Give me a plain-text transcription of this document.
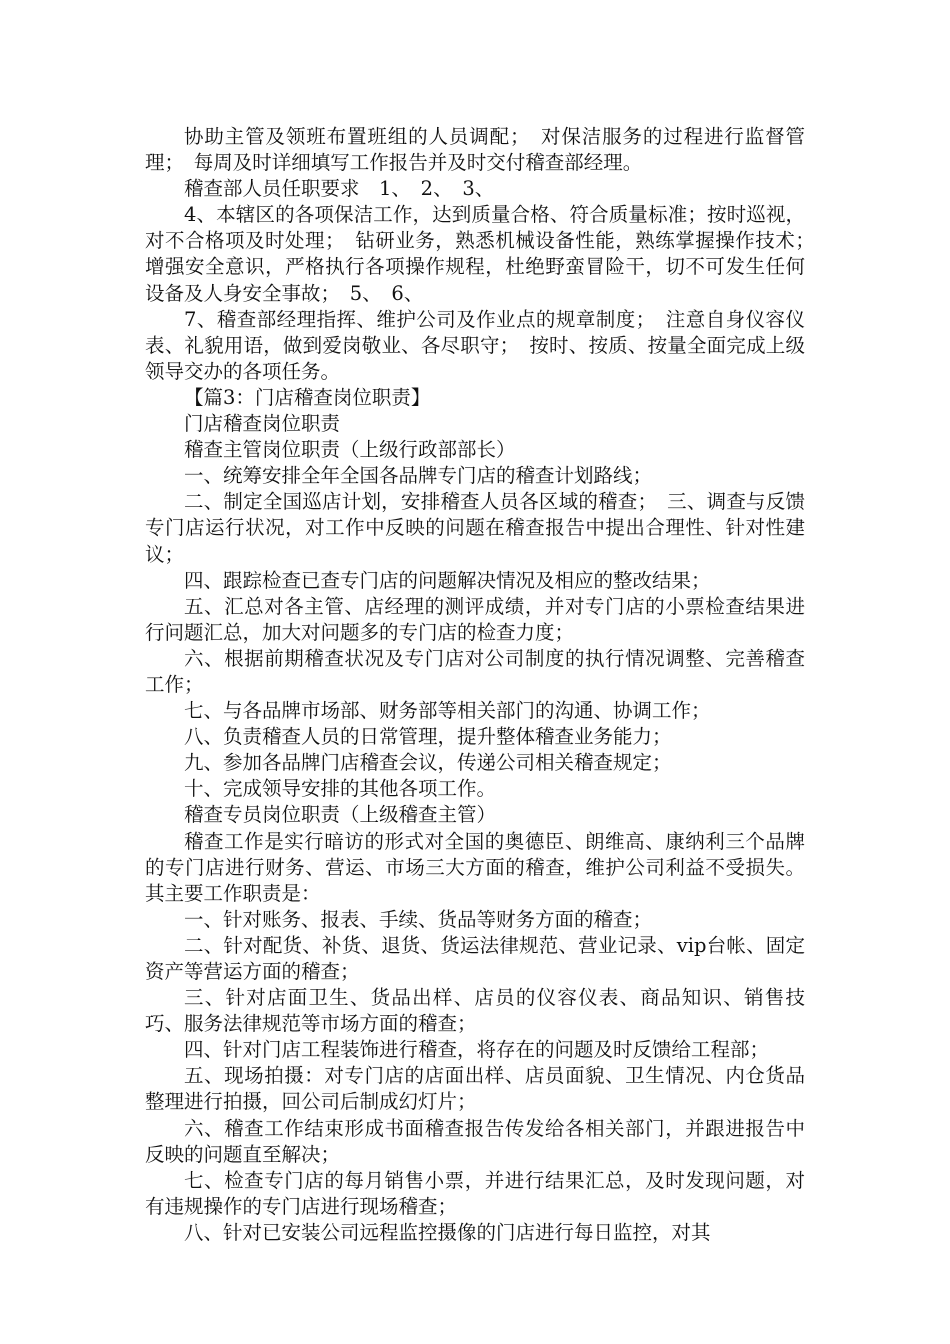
协助主管及领班布置班组的人员调配；　对保洁服务的过程进行监督管理；　每周及时详细填写工作报告并及时交付稽查部经理。

稽查部人员任职要求　1、　2、　3、

4、本辖区的各项保洁工作，达到质量合格、符合质量标准；按时巡视，对不合格项及时处理；　钻研业务，熟悉机械设备性能，熟练掌握操作技术；　增强安全意识，严格执行各项操作规程，杜绝野蛮冒险干，切不可发生任何设备及人身安全事故；　5、　6、

7、稽查部经理指挥、维护公司及作业点的规章制度；　注意自身仪容仪表、礼貌用语，做到爱岗敬业、各尽职守；　按时、按质、按量全面完成上级领导交办的各项任务。

【篇3：门店稽查岗位职责】

门店稽查岗位职责

稽查主管岗位职责（上级行政部部长）

一、统筹安排全年全国各品牌专门店的稽查计划路线；

二、制定全国巡店计划，安排稽查人员各区域的稽查；　三、调查与反馈专门店运行状况，对工作中反映的问题在稽查报告中提出合理性、针对性建议；

四、跟踪检查已查专门店的问题解决情况及相应的整改结果；

五、汇总对各主管、店经理的测评成绩，并对专门店的小票检查结果进行问题汇总，加大对问题多的专门店的检查力度；

六、根据前期稽查状况及专门店对公司制度的执行情况调整、完善稽查工作；

七、与各品牌市场部、财务部等相关部门的沟通、协调工作；

八、负责稽查人员的日常管理，提升整体稽查业务能力；

九、参加各品牌门店稽查会议，传递公司相关稽查规定；

十、完成领导安排的其他各项工作。

稽查专员岗位职责（上级稽查主管）

稽查工作是实行暗访的形式对全国的奥德臣、朗维高、康纳利三个品牌的专门店进行财务、营运、市场三大方面的稽查，维护公司利益不受损失。其主要工作职责是：

一、针对账务、报表、手续、货品等财务方面的稽查；

二、针对配货、补货、退货、货运法律规范、营业记录、vip台帐、固定资产等营运方面的稽查；

三、针对店面卫生、货品出样、店员的仪容仪表、商品知识、销售技巧、服务法律规范等市场方面的稽查；

四、针对门店工程装饰进行稽查，将存在的问题及时反馈给工程部；

五、现场拍摄：对专门店的店面出样、店员面貌、卫生情况、内仓货品整理进行拍摄，回公司后制成幻灯片；

六、稽查工作结束形成书面稽查报告传发给各相关部门，并跟进报告中反映的问题直至解决；

七、检查专门店的每月销售小票，并进行结果汇总，及时发现问题，对有违规操作的专门店进行现场稽查；

八、针对已安装公司远程监控摄像的门店进行每日监控，对其
